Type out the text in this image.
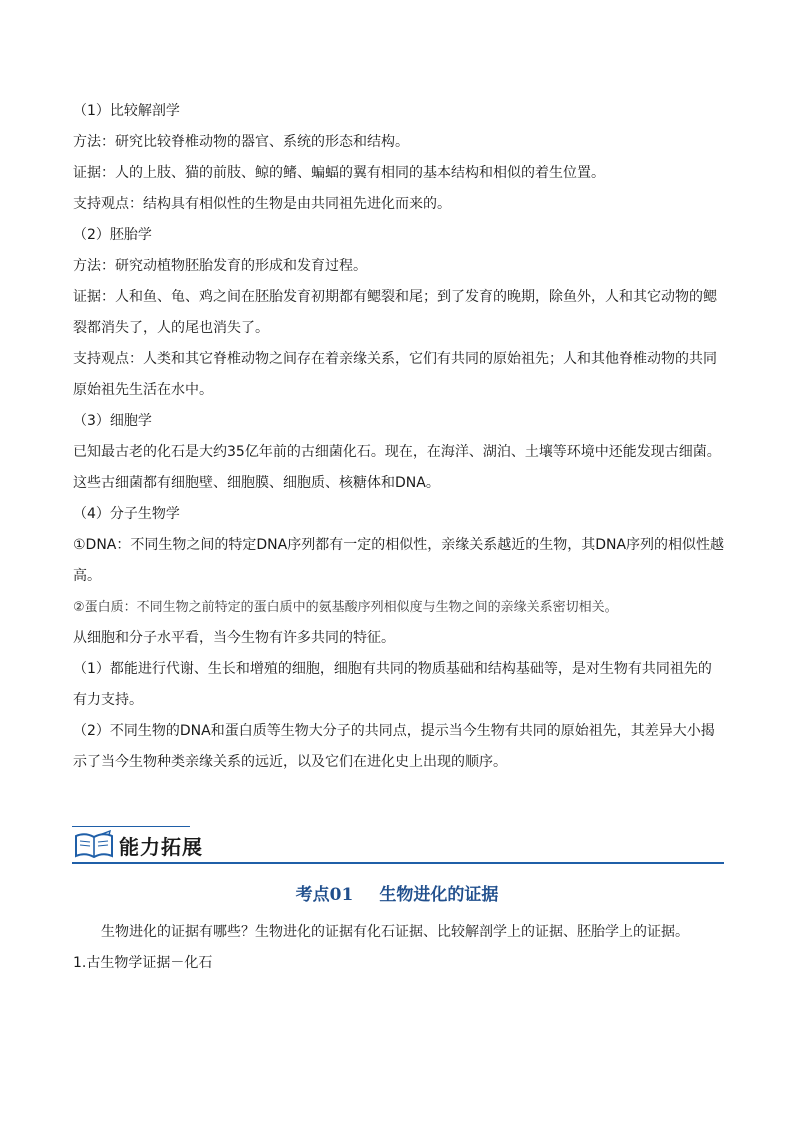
（1）比较解剖学

方法：研究比较脊椎动物的器官、系统的形态和结构。

证据：人的上肢、猫的前肢、鲸的鳍、蝙蝠的翼有相同的基本结构和相似的着生位置。

支持观点：结构具有相似性的生物是由共同祖先进化而来的。

（2）胚胎学

方法：研究动植物胚胎发育的形成和发育过程。

证据：人和鱼、龟、鸡之间在胚胎发育初期都有鳃裂和尾；到了发育的晚期，除鱼外，人和其它动物的鳃裂都消失了，人的尾也消失了。

支持观点：人类和其它脊椎动物之间存在着亲缘关系，它们有共同的原始祖先；人和其他脊椎动物的共同原始祖先生活在水中。

（3）细胞学

已知最古老的化石是大约35亿年前的古细菌化石。现在，在海洋、湖泊、土壤等环境中还能发现古细菌。这些古细菌都有细胞壁、细胞膜、细胞质、核糖体和DNA。

（4）分子生物学

①DNA：不同生物之间的特定DNA序列都有一定的相似性，亲缘关系越近的生物，其DNA序列的相似性越高。

②蛋白质：不同生物之前特定的蛋白质中的氨基酸序列相似度与生物之间的亲缘关系密切相关。

从细胞和分子水平看，当今生物有许多共同的特征。

（1）都能进行代谢、生长和增殖的细胞，细胞有共同的物质基础和结构基础等，是对生物有共同祖先的有力支持。

（2）不同生物的DNA和蛋白质等生物大分子的共同点，提示当今生物有共同的原始祖先，其差异大小揭示了当今生物种类亲缘关系的远近，以及它们在进化史上出现的顺序。

能力拓展
考点01 生物进化的证据

生物进化的证据有哪些？生物进化的证据有化石证据、比较解剖学上的证据、胚胎学上的证据。

1.古生物学证据－化石
